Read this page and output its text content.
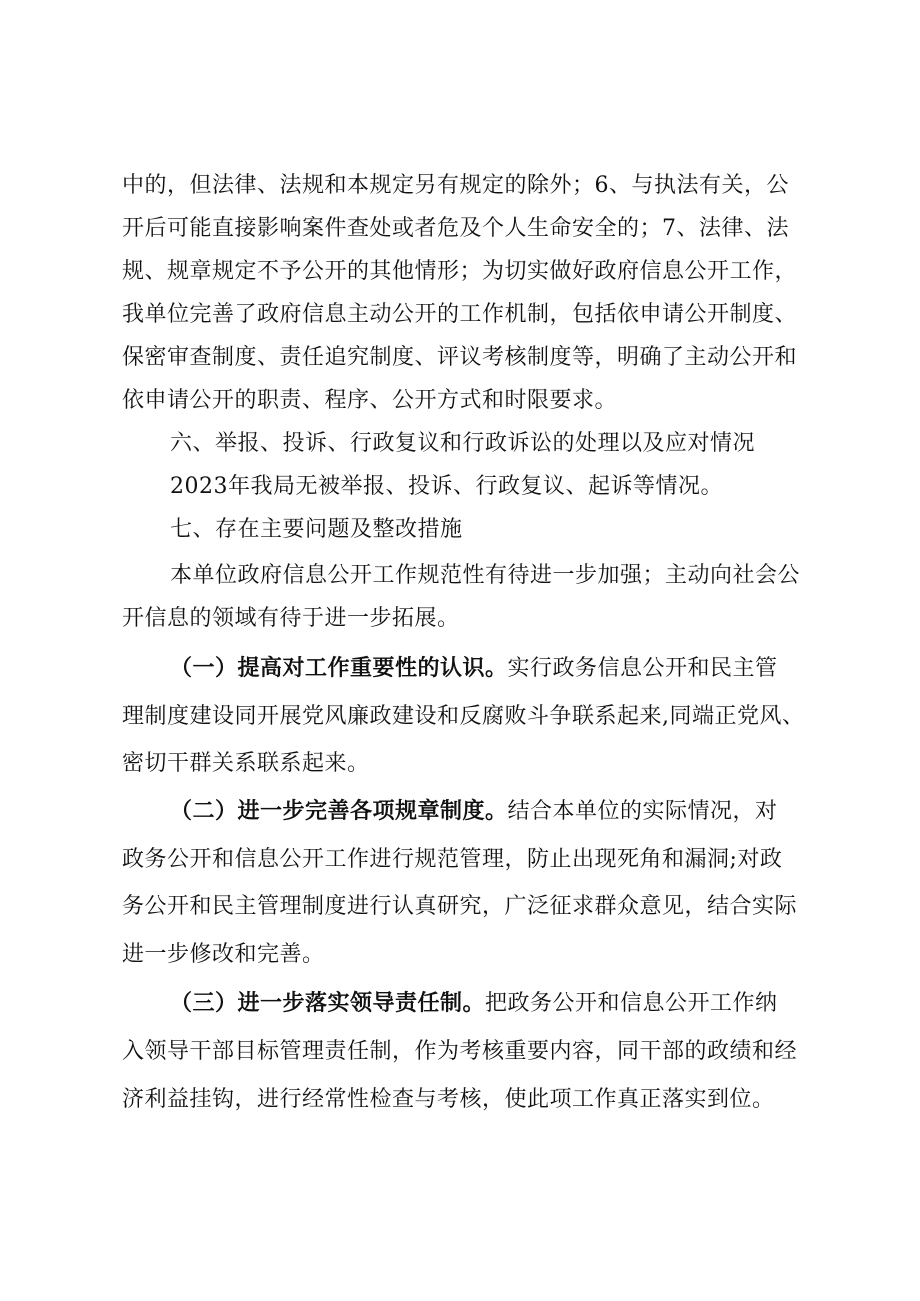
中的，但法律、法规和本规定另有规定的除外；6、与执法有关，公
开后可能直接影响案件查处或者危及个人生命安全的；7、法律、法
规、规章规定不予公开的其他情形；为切实做好政府信息公开工作，
我单位完善了政府信息主动公开的工作机制，包括依申请公开制度、
保密审查制度、责任追究制度、评议考核制度等，明确了主动公开和
依申请公开的职责、程序、公开方式和时限要求。
六、举报、投诉、行政复议和行政诉讼的处理以及应对情况
2023年我局无被举报、投诉、行政复议、起诉等情况。
七、存在主要问题及整改措施
本单位政府信息公开工作规范性有待进一步加强；主动向社会公
开信息的领域有待于进一步拓展。
（一）提高对工作重要性的认识。实行政务信息公开和民主管
理制度建设同开展党风廉政建设和反腐败斗争联系起来,同端正党风、
密切干群关系联系起来。
（二）进一步完善各项规章制度。结合本单位的实际情况，对
政务公开和信息公开工作进行规范管理，防止出现死角和漏洞;对政
务公开和民主管理制度进行认真研究，广泛征求群众意见，结合实际
进一步修改和完善。
（三）进一步落实领导责任制。把政务公开和信息公开工作纳
入领导干部目标管理责任制，作为考核重要内容，同干部的政绩和经
济利益挂钩，进行经常性检查与考核，使此项工作真正落实到位。
